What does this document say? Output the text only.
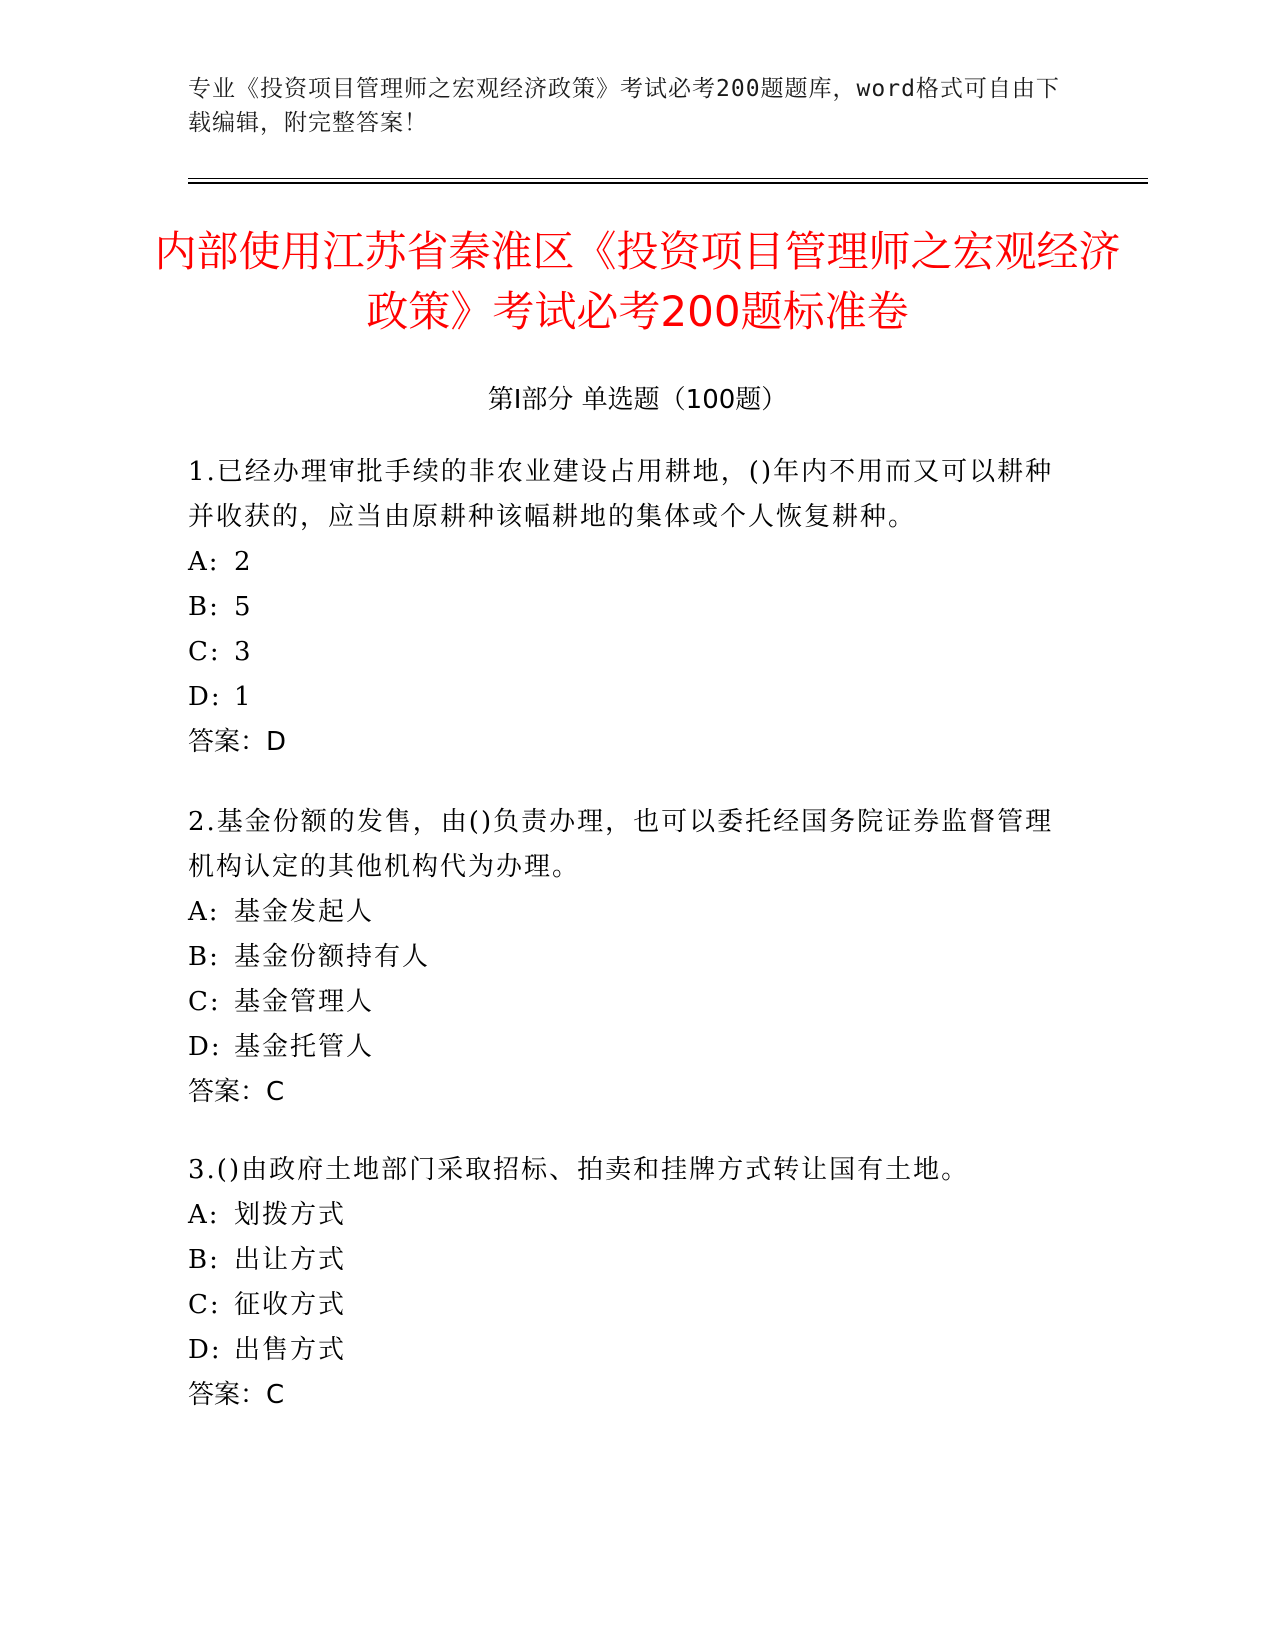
专业《投资项目管理师之宏观经济政策》考试必考200题题库，word格式可自由下载编辑，附完整答案！
内部使用江苏省秦淮区《投资项目管理师之宏观经济政策》考试必考200题标准卷
第Ⅰ部分 单选题（100题）

1.已经办理审批手续的非农业建设占用耕地，()年内不用而又可以耕种并收获的，应当由原耕种该幅耕地的集体或个人恢复耕种。

A: 2

B: 5

C: 3

D: 1

答案：D

2.基金份额的发售，由()负责办理，也可以委托经国务院证券监督管理机构认定的其他机构代为办理。

A: 基金发起人

B: 基金份额持有人

C: 基金管理人

D: 基金托管人

答案：C

3.()由政府土地部门采取招标、拍卖和挂牌方式转让国有土地。

A: 划拨方式

B: 出让方式

C: 征收方式

D: 出售方式

答案：C
